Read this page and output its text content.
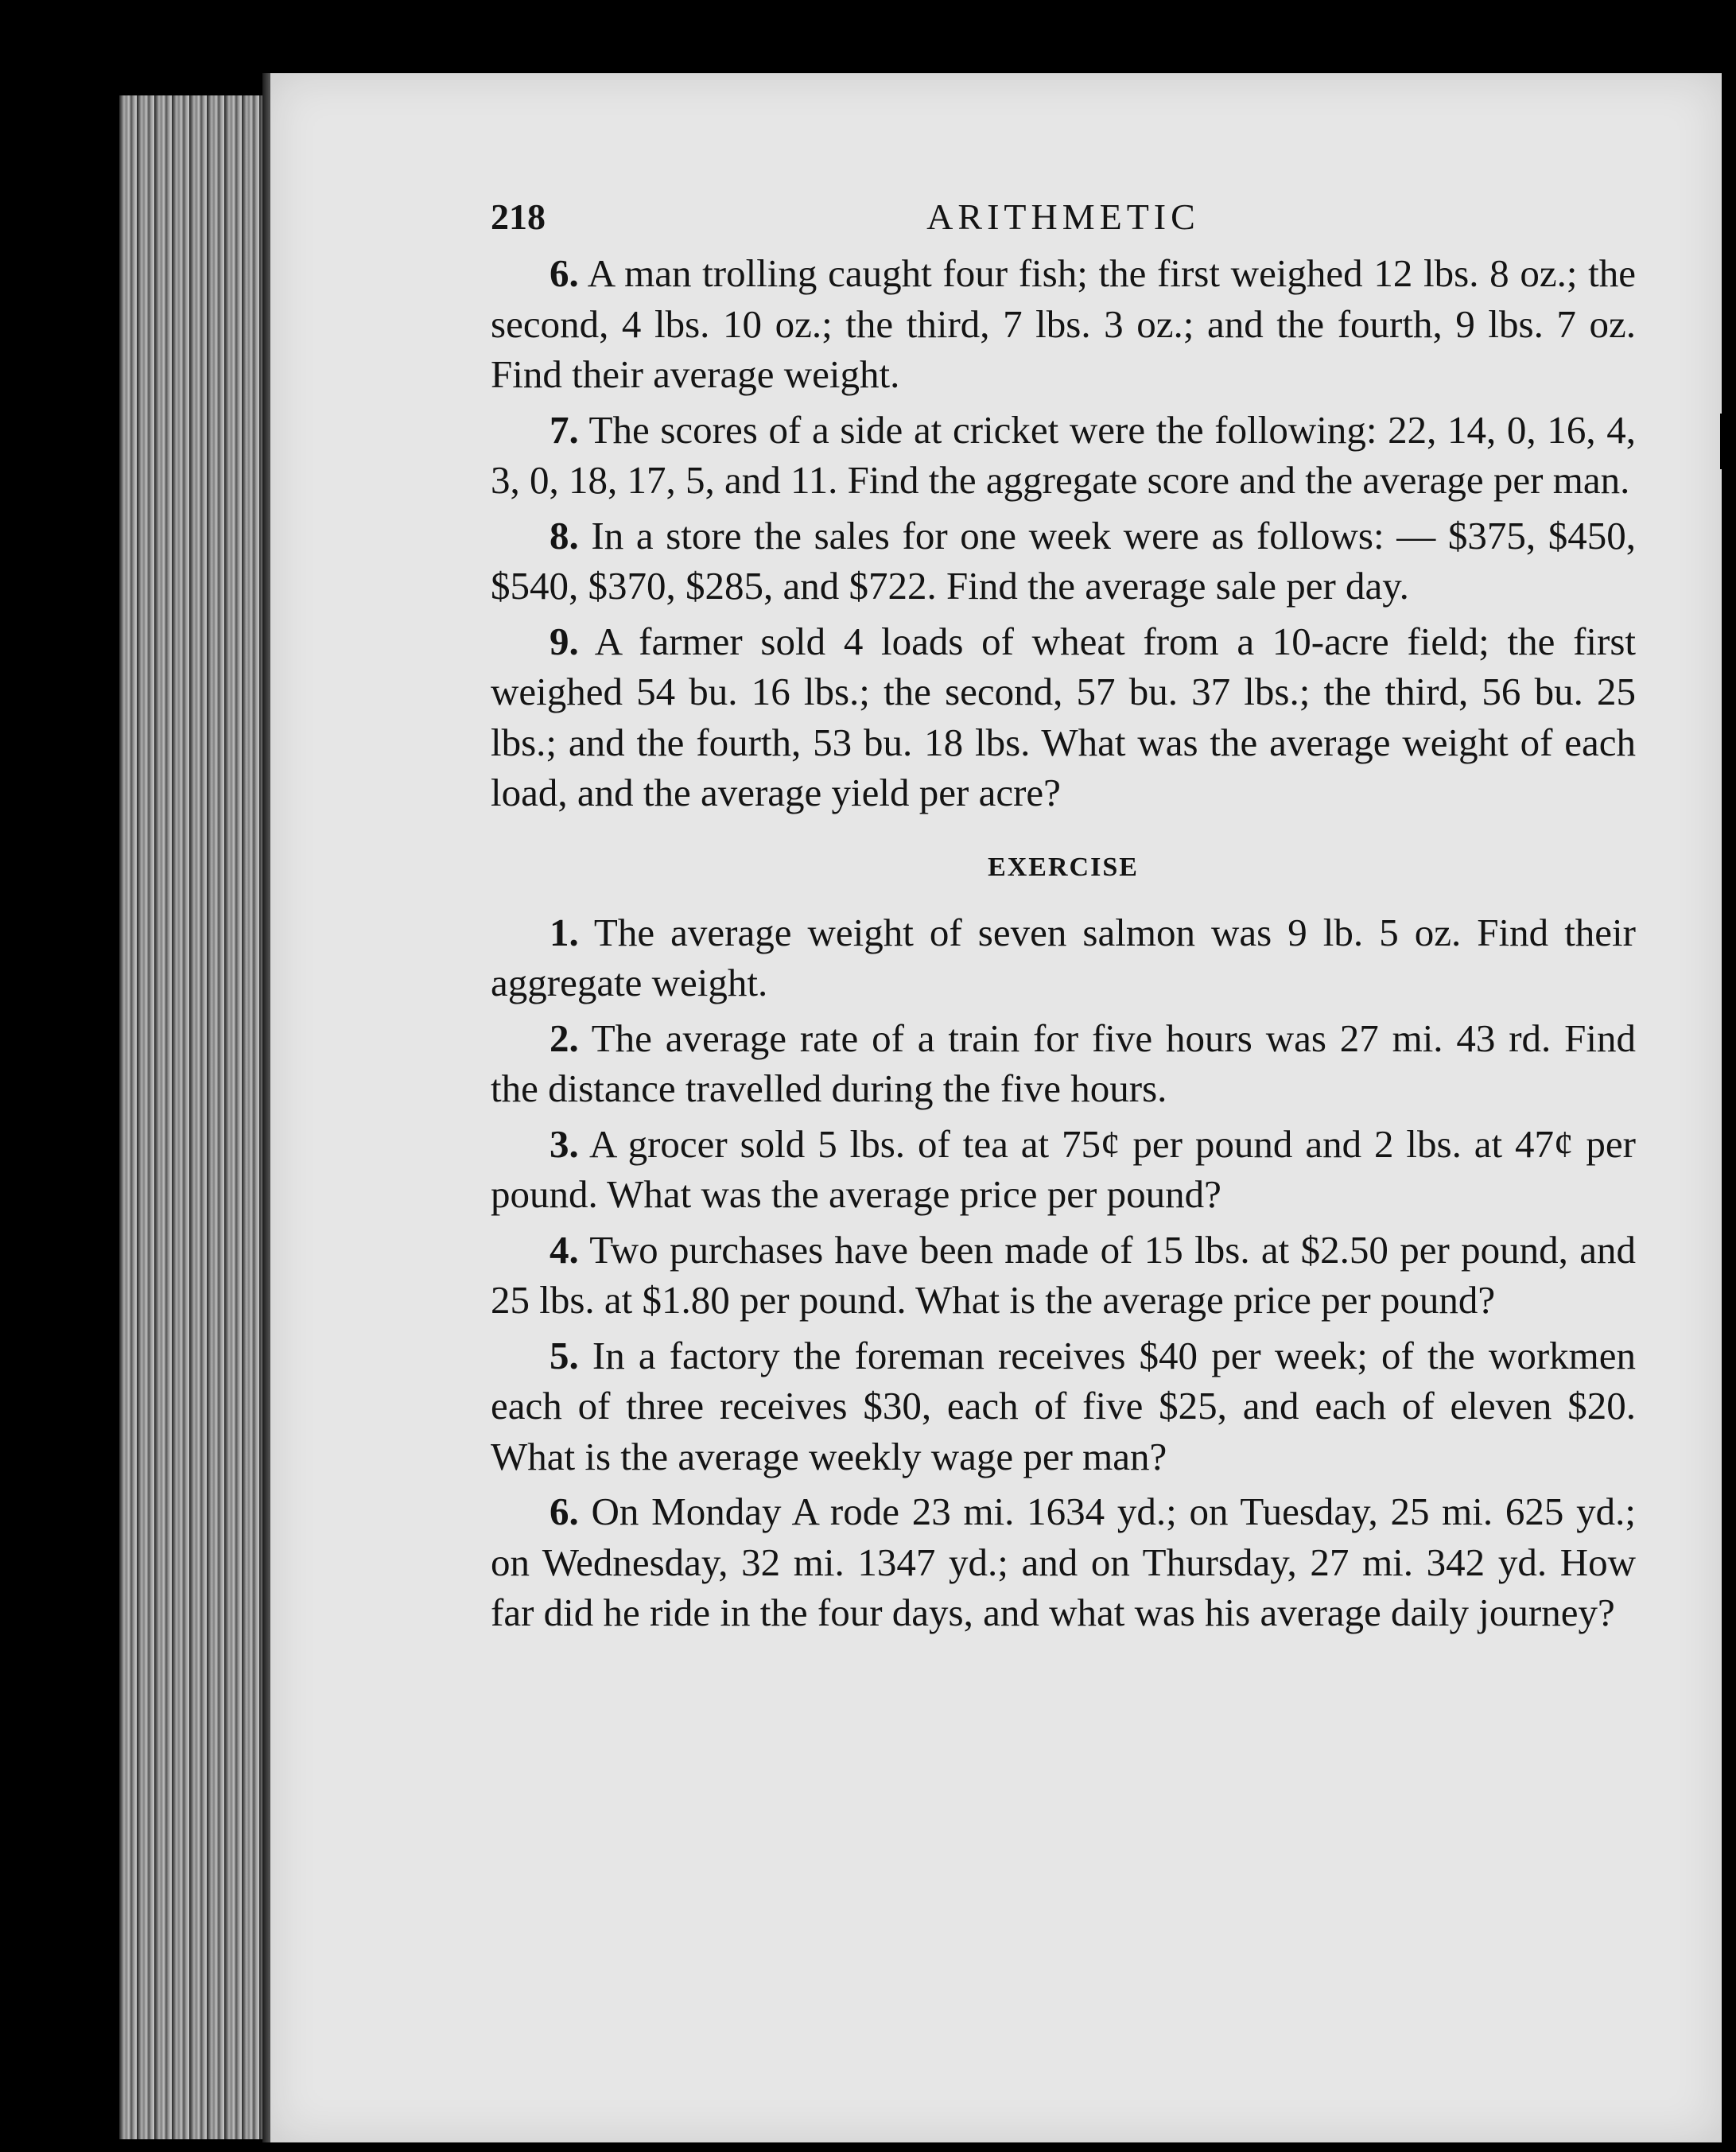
218	ARITHMETIC

6. A man trolling caught four fish; the first weighed 12 lbs. 8 oz.; the second, 4 lbs. 10 oz.; the third, 7 lbs. 3 oz.; and the fourth, 9 lbs. 7 oz. Find their average weight.

7. The scores of a side at cricket were the following: 22, 14, 0, 16, 4, 3, 0, 18, 17, 5, and 11. Find the aggregate score and the average per man.

8. In a store the sales for one week were as follows: — $375, $450, $540, $370, $285, and $722. Find the average sale per day.

9. A farmer sold 4 loads of wheat from a 10-acre field; the first weighed 54 bu. 16 lbs.; the second, 57 bu. 37 lbs.; the third, 56 bu. 25 lbs.; and the fourth, 53 bu. 18 lbs. What was the average weight of each load, and the average yield per acre?

EXERCISE

1. The average weight of seven salmon was 9 lb. 5 oz. Find their aggregate weight.

2. The average rate of a train for five hours was 27 mi. 43 rd. Find the distance travelled during the five hours.

3. A grocer sold 5 lbs. of tea at 75¢ per pound and 2 lbs. at 47¢ per pound. What was the average price per pound?

4. Two purchases have been made of 15 lbs. at $2.50 per pound, and 25 lbs. at $1.80 per pound. What is the average price per pound?

5. In a factory the foreman receives $40 per week; of the workmen each of three receives $30, each of five $25, and each of eleven $20. What is the average weekly wage per man?

6. On Monday A rode 23 mi. 1634 yd.; on Tuesday, 25 mi. 625 yd.; on Wednesday, 32 mi. 1347 yd.; and on Thursday, 27 mi. 342 yd. How far did he ride in the four days, and what was his average daily journey?
